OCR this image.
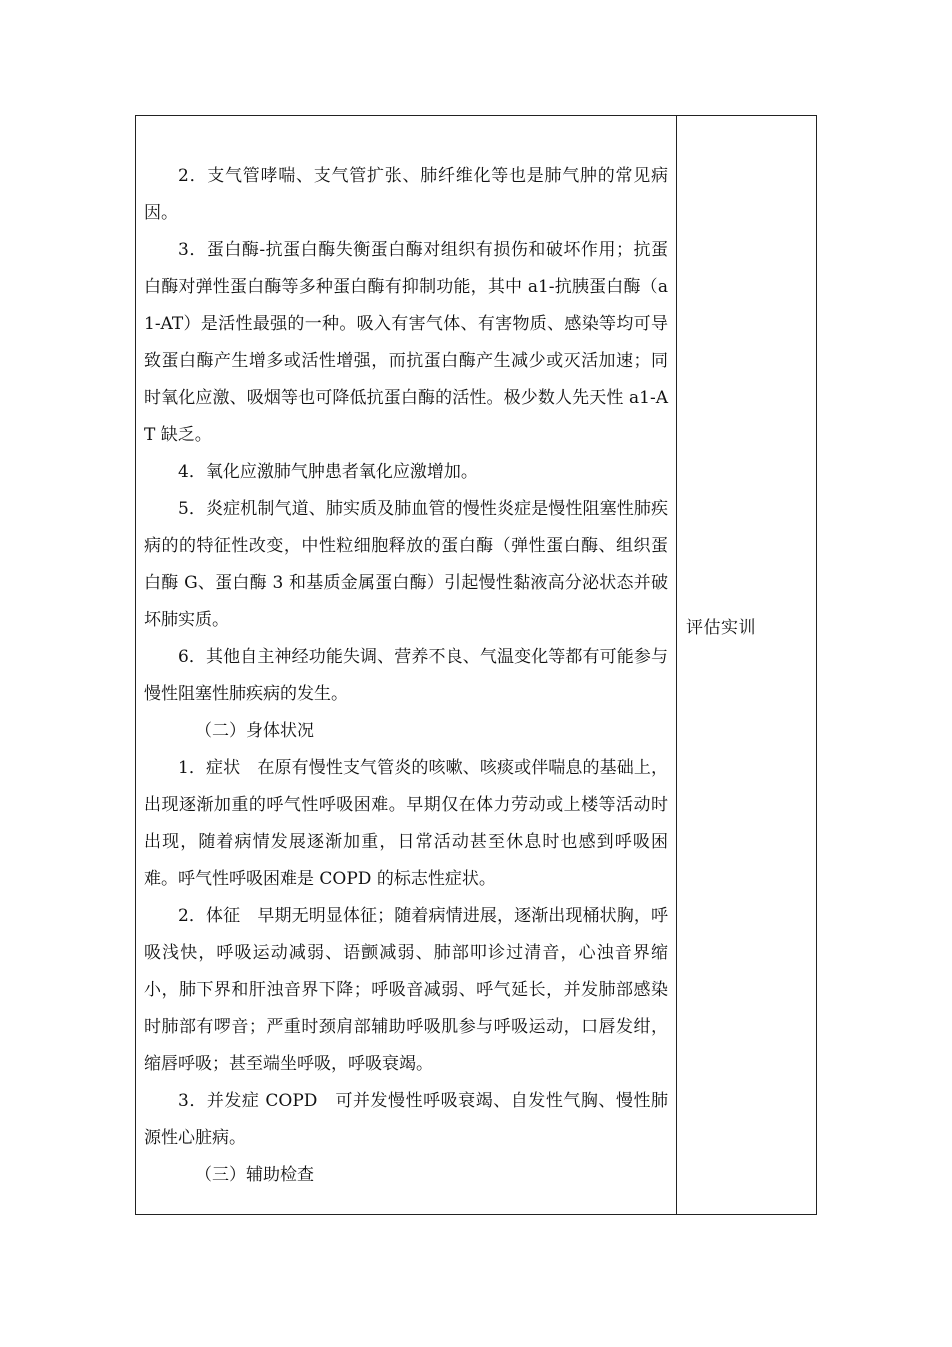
2．支气管哮喘、支气管扩张、肺纤维化等也是肺气肿的常见病因。

3．蛋白酶-抗蛋白酶失衡蛋白酶对组织有损伤和破坏作用；抗蛋白酶对弹性蛋白酶等多种蛋白酶有抑制功能，其中 a1-抗胰蛋白酶（a1-AT）是活性最强的一种。吸入有害气体、有害物质、感染等均可导致蛋白酶产生增多或活性增强，而抗蛋白酶产生减少或灭活加速；同时氧化应激、吸烟等也可降低抗蛋白酶的活性。极少数人先天性 a1-AT 缺乏。

4．氧化应激肺气肿患者氧化应激增加。

5．炎症机制气道、肺实质及肺血管的慢性炎症是慢性阻塞性肺疾病的的特征性改变，中性粒细胞释放的蛋白酶（弹性蛋白酶、组织蛋白酶 G、蛋白酶 3 和基质金属蛋白酶）引起慢性黏液高分泌状态并破坏肺实质。

6．其他自主神经功能失调、营养不良、气温变化等都有可能参与慢性阻塞性肺疾病的发生。

（二）身体状况

1．症状　在原有慢性支气管炎的咳嗽、咳痰或伴喘息的基础上，出现逐渐加重的呼气性呼吸困难。早期仅在体力劳动或上楼等活动时出现，随着病情发展逐渐加重，日常活动甚至休息时也感到呼吸困难。呼气性呼吸困难是 COPD 的标志性症状。

2．体征　早期无明显体征；随着病情进展，逐渐出现桶状胸，呼吸浅快，呼吸运动减弱、语颤减弱、肺部叩诊过清音，心浊音界缩小，肺下界和肝浊音界下降；呼吸音减弱、呼气延长，并发肺部感染时肺部有啰音；严重时颈肩部辅助呼吸肌参与呼吸运动，口唇发绀，缩唇呼吸；甚至端坐呼吸，呼吸衰竭。

3．并发症 COPD　可并发慢性呼吸衰竭、自发性气胸、慢性肺源性心脏病。

（三）辅助检查

评估实训
